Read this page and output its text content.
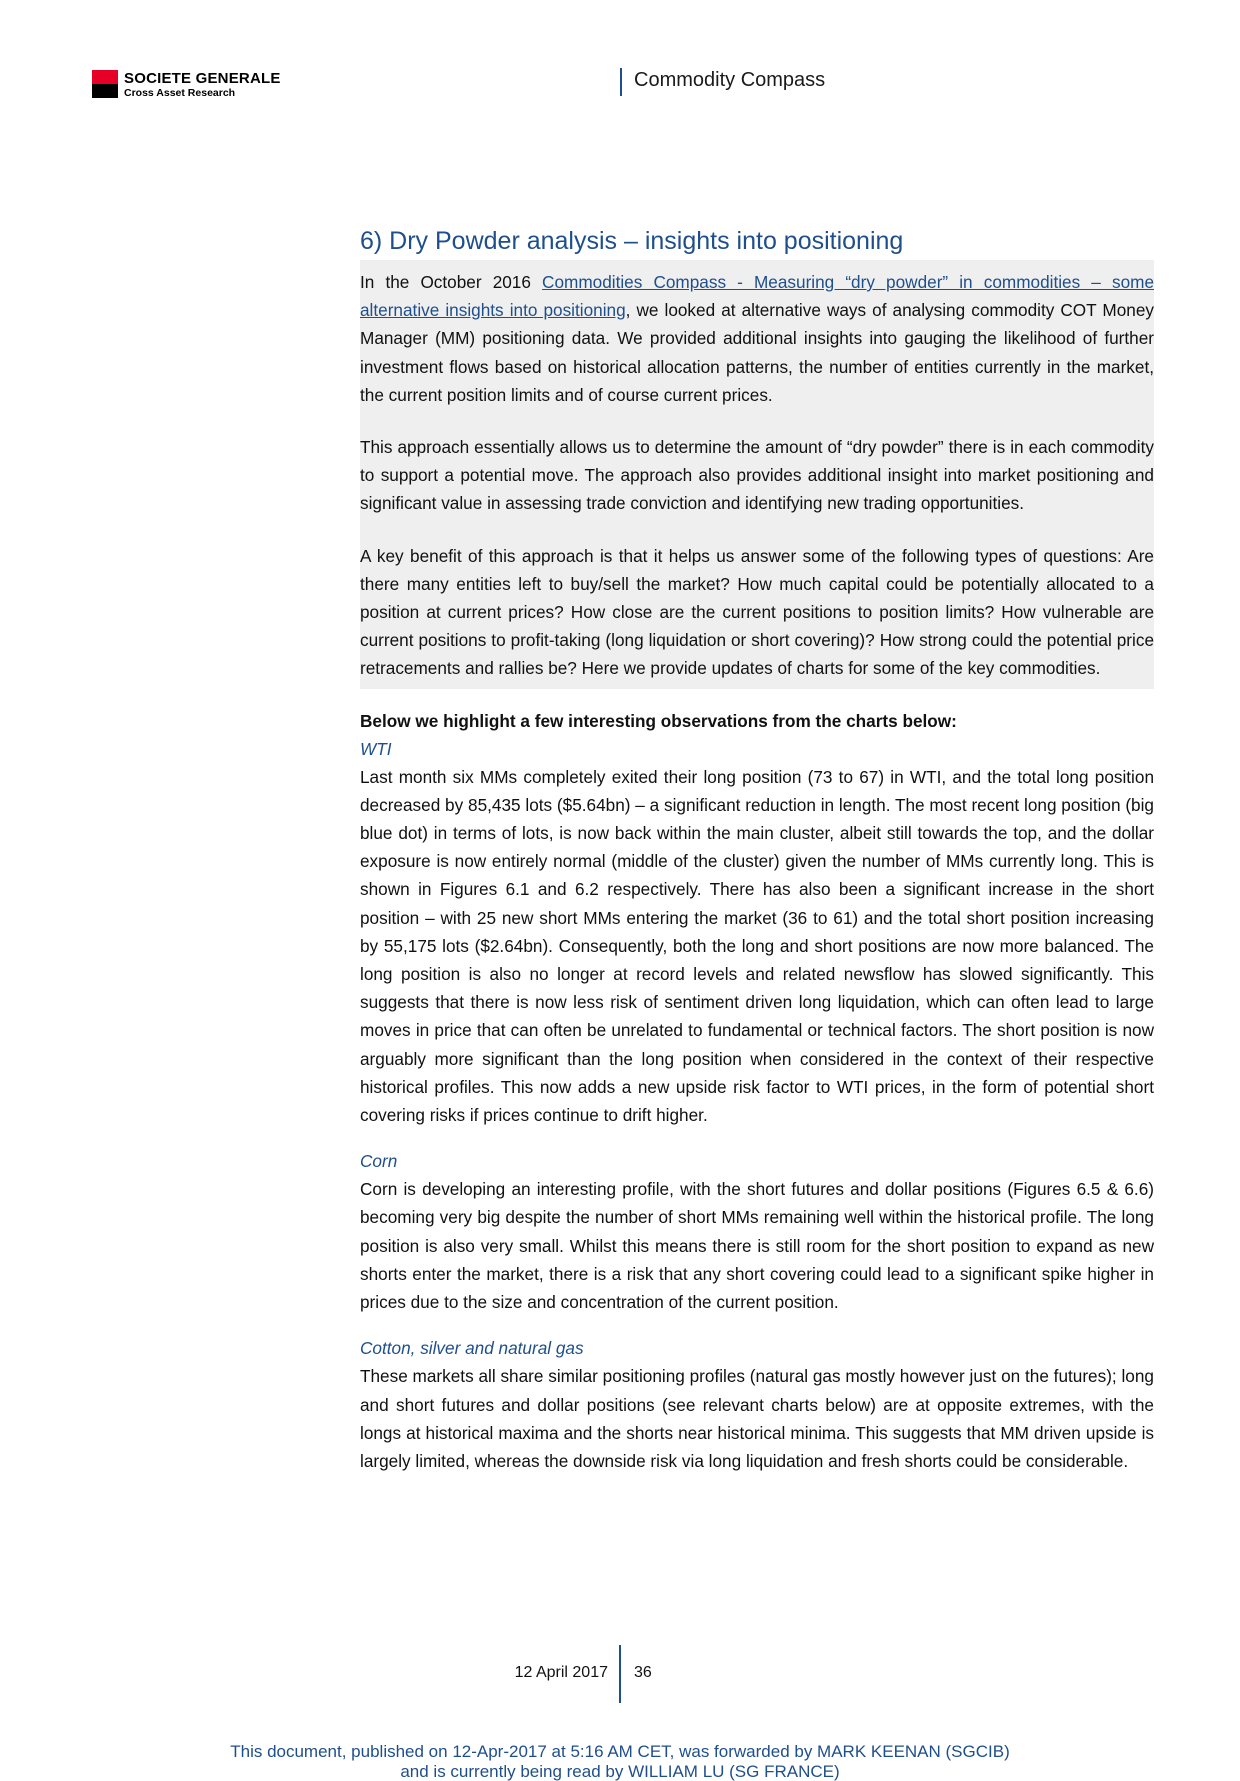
SOCIETE GENERALE
Cross Asset Research
Commodity Compass
6) Dry Powder analysis – insights into positioning

In the October 2016 Commodities Compass - Measuring “dry powder” in commodities – some alternative insights into positioning, we looked at alternative ways of analysing commodity COT Money Manager (MM) positioning data. We provided additional insights into gauging the likelihood of further investment flows based on historical allocation patterns, the number of entities currently in the market, the current position limits and of course current prices.

This approach essentially allows us to determine the amount of “dry powder” there is in each commodity to support a potential move. The approach also provides additional insight into market positioning and significant value in assessing trade conviction and identifying new trading opportunities.

A key benefit of this approach is that it helps us answer some of the following types of questions: Are there many entities left to buy/sell the market? How much capital could be potentially allocated to a position at current prices? How close are the current positions to position limits? How vulnerable are current positions to profit-taking (long liquidation or short covering)? How strong could the potential price retracements and rallies be? Here we provide updates of charts for some of the key commodities.

Below we highlight a few interesting observations from the charts below:
WTI

Last month six MMs completely exited their long position (73 to 67) in WTI, and the total long position decreased by 85,435 lots ($5.64bn) – a significant reduction in length. The most recent long position (big blue dot) in terms of lots, is now back within the main cluster, albeit still towards the top, and the dollar exposure is now entirely normal (middle of the cluster) given the number of MMs currently long. This is shown in Figures 6.1 and 6.2 respectively. There has also been a significant increase in the short position – with 25 new short MMs entering the market (36 to 61) and the total short position increasing by 55,175 lots ($2.64bn). Consequently, both the long and short positions are now more balanced. The long position is also no longer at record levels and related newsflow has slowed significantly. This suggests that there is now less risk of sentiment driven long liquidation, which can often lead to large moves in price that can often be unrelated to fundamental or technical factors. The short position is now arguably more significant than the long position when considered in the context of their respective historical profiles. This now adds a new upside risk factor to WTI prices, in the form of potential short covering risks if prices continue to drift higher.

Corn

Corn is developing an interesting profile, with the short futures and dollar positions (Figures 6.5 & 6.6) becoming very big despite the number of short MMs remaining well within the historical profile. The long position is also very small. Whilst this means there is still room for the short position to expand as new shorts enter the market, there is a risk that any short covering could lead to a significant spike higher in prices due to the size and concentration of the current position.

Cotton, silver and natural gas

These markets all share similar positioning profiles (natural gas mostly however just on the futures); long and short futures and dollar positions (see relevant charts below) are at opposite extremes, with the longs at historical maxima and the shorts near historical minima. This suggests that MM driven upside is largely limited, whereas the downside risk via long liquidation and fresh shorts could be considerable.

12 April 2017 36
This document, published on 12-Apr-2017 at 5:16 AM CET, was forwarded by MARK KEENAN (SGCIB)
and is currently being read by WILLIAM LU (SG FRANCE)
